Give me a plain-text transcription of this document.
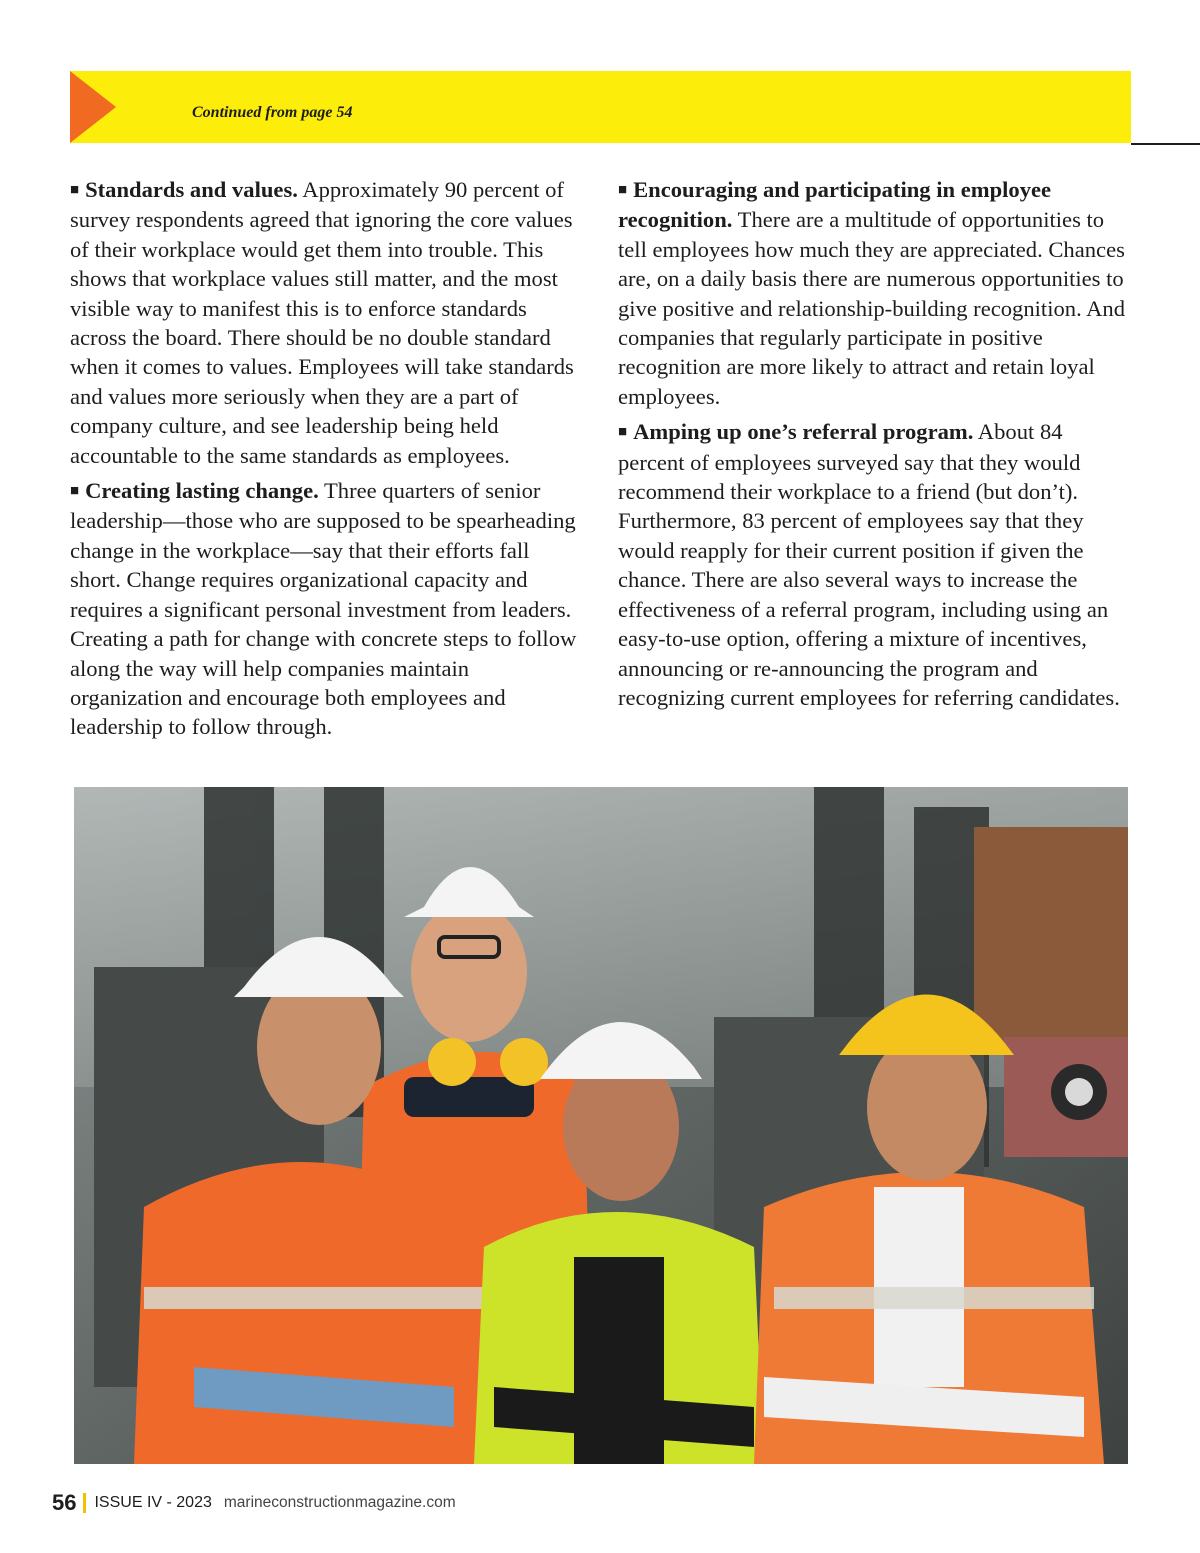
Continued from page 54

■ Standards and values. Approximately 90 percent of survey respondents agreed that ignoring the core values of their workplace would get them into trouble. This shows that workplace values still matter, and the most visible way to manifest this is to enforce standards across the board. There should be no double standard when it comes to values. Employees will take standards and values more seriously when they are a part of company culture, and see leadership being held accountable to the same standards as employees.

■ Creating lasting change. Three quarters of senior leadership—those who are supposed to be spearheading change in the workplace—say that their efforts fall short. Change requires organizational capacity and requires a significant personal investment from leaders. Creating a path for change with concrete steps to follow along the way will help companies maintain organization and encourage both employees and leadership to follow through.

■ Encouraging and participating in employee recognition. There are a multitude of opportunities to tell employees how much they are appreciated. Chances are, on a daily basis there are numerous opportunities to give positive and relationship-building recognition. And companies that regularly participate in positive recognition are more likely to attract and retain loyal employees.

■ Amping up one’s referral program. About 84 percent of employees surveyed say that they would recommend their workplace to a friend (but don’t). Furthermore, 83 percent of employees say that they would reapply for their current position if given the chance. There are also several ways to increase the effectiveness of a referral program, including using an easy-to-use option, offering a mixture of incentives, announcing or re-announcing the program and recognizing current employees for referring candidates.

56 ISSUE IV - 2023 marineconstructionmagazine.com
